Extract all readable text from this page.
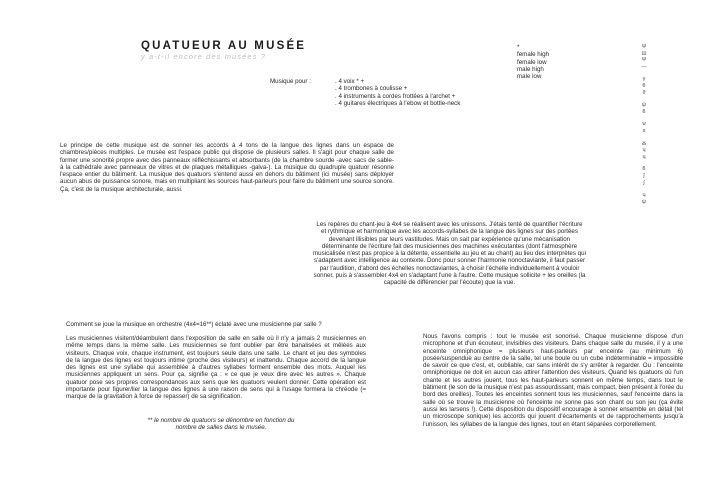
QUATUEUR AU MUSÉE
y a-t-il encore des musées ?
*
female high
female low
male high
male low
Musique pour :	. 4 voix * +
. 4 trombones à coulisse +
. 4 instruments à cordes frottées à l'archet +
. 4 guitares électriques à l'ebow et bottle-neck
Le principe de cette musique est de sonner les accords à 4 tons de la langue des lignes dans un espace de chambres/pièces multiples. Le musée est l'espace public qui dispose de plusieurs salles. Il s'agit pour chaque salle de former une sonorité propre avec des panneaux réfléchissants et absorbants (de la chambre sourde -avec sacs de sable- à la cathédrale avec panneaux de vitres et de plaques métalliques -galva-). La musique du quadruple quatuor résonne l'espace entier du bâtiment. La musique des quatuors s'entend aussi en dehors du bâtiment (ici musée) sans déployer aucun abus de puissance sonore, mais en multipliant les sources haut-parleurs pour faire du bâtiment une source sonore. Ça, c'est de la musique architecturale, aussi.
Les repères du chant-jeu à 4x4 se réalisent avec les unissons. J'étais tenté de quantifier l'écriture et rythmique et harmonique avec les accords-syllabes de la langue des lignes sur des portées devenant illisibles par leurs vastitudes. Mais on sait par expérience qu'une mécanisation déterminante de l'écriture fait des musiciennes des machines exécutantes (dont l'atmosphère musicalisée n'est pas propice à la détente, essentielle au jeu et au chant) au lieu des interprètes qui s'adaptent avec intelligence au contexte. Donc pour sonner l'harmonie nonoctaviante, il faut passer par l'audition, d'abord des échelles nonoctaviantes, à choisir l'échelle individuellement à vouloir sonner, puis à s'assembler 4x4 en s'adaptant l'une à l'autre. Cette musique sollicite + les oreilles (la capacité de différencier par l'écoute) que la vue.
Comment se joue la musique en orchestre (4x4=16**) éclaté avec une musicienne par salle ?
Les musiciennes visitent/déambulent dans l'exposition de salle en salle où il n'y a jamais 2 musiciennes en même temps dans la même salle. Les musiciennes se font oublier par être banalisées et mêlées aux visiteurs. Chaque voix, chaque instrument, est toujours seule dans une salle. Le chant et jeu des symboles de la langue des lignes est toujours intime (proche des visiteurs) et inattendu. Chaque accord de la langue des lignes est une syllabe qui assemblée à d'autres syllabes forment ensemble des mots. Auquel les musiciennes appliquent un sens. Pour ça, signifie ça : « ce que je veux dire avec les autres ». Chaque quatuor pose ses propres correspondances aux sens que les quatuors veulent donner. Cette opération est importante pour figurer/lier la langue des lignes à une raison de sens qui à l'usage formera la chréode (= marque de la gravitation à force de repasser) de sa signification.
** le nombre de quatuors se dénombre en fonction du nombre de salles dans le musée.
Nous l'avons compris : tout le musée est sonorisé. Chaque musicienne dispose d'un microphone et d'un écouteur, invisibles des visiteurs. Dans chaque salle du musée, il y a une enceinte omniphonique = plusieurs haut-parleurs par enceinte (au minimum 6) posée/suspendue au centre de la salle, tel une boule ou un cube indéterminable = impossible de savoir ce que c'est, et, oubliable, car sans intérêt de s'y arrêter à regarder. Ou : l'enceinte omniphonique ne doit en aucun cas attirer l'attention des visiteurs. Quand les quatuors où l'un chante et les autres jouent, tous les haut-parleurs sonnent en même temps, dans tout le bâtiment (le son de la musique n'est pas assourdissant, mais compact, bien présent à l'orée du bord des oreilles). Toutes les enceintes sonnent tous les musiciennes, sauf l'enceinte dans la salle où se trouve la musicienne où l'enceinte ne sonne pas son chant ou son jeu (ça évite aussi les larsens !). Cette disposition du dispositif encourage à sonner ensemble en détail (tel un microscope sonique) les accords qui jouent d'écartements et de rapprochements jusqu'à l'unisson, les syllabes de la langue des lignes, tout en étant séparées corporellement.
Ψ
Ш
Ψ
—
γ
ϐ
ϑ
ψ
ϐ
ѡ
ɞ
Ꙋ
ɥ
ɥ
ϐ
ʃ
ʃ
ɥ
ψ
